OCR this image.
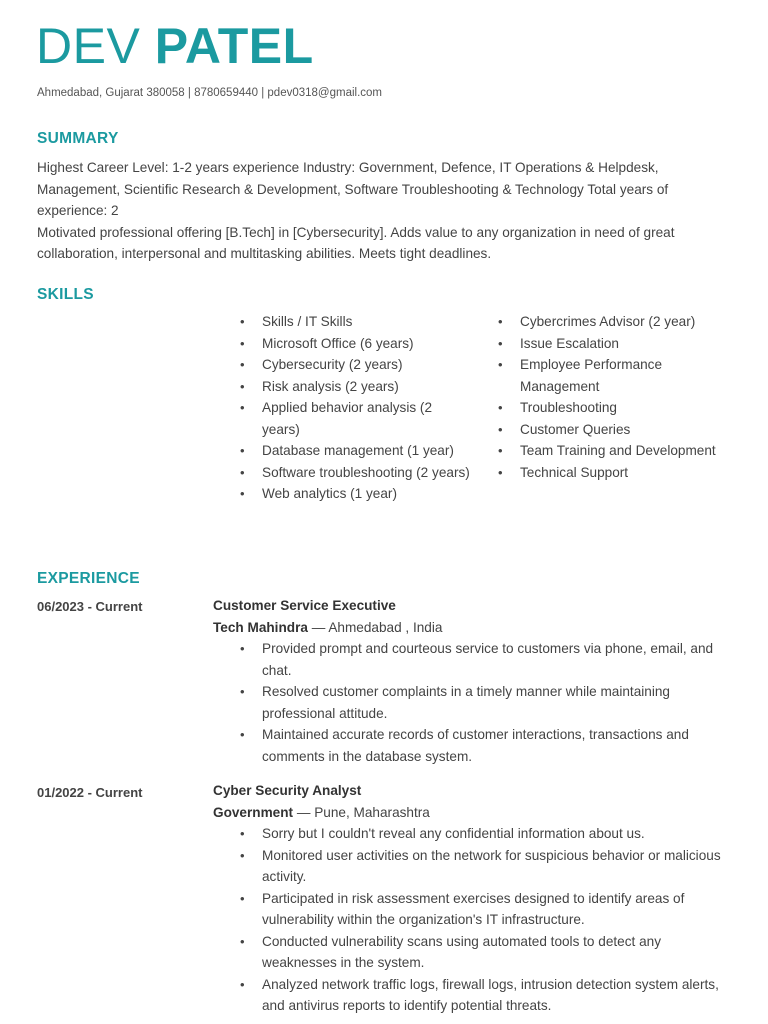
DEV PATEL
Ahmedabad, Gujarat 380058 | 8780659440 | pdev0318@gmail.com
SUMMARY

Highest Career Level: 1-2 years experience Industry: Government, Defence, IT Operations & Helpdesk, Management, Scientific Research & Development, Software Troubleshooting & Technology Total years of experience: 2

Motivated professional offering [B.Tech] in [Cybersecurity]. Adds value to any organization in need of great collaboration, interpersonal and multitasking abilities. Meets tight deadlines.

SKILLS
• Skills / IT Skills
• Microsoft Office (6 years)
• Cybersecurity (2 years)
• Risk analysis (2 years)
• Applied behavior analysis (2 years)
• Database management (1 year)
• Software troubleshooting (2 years)
• Web analytics (1 year)
• Cybercrimes Advisor (2 year)
• Issue Escalation
• Employee Performance Management
• Troubleshooting
• Customer Queries
• Team Training and Development
• Technical Support
EXPERIENCE
06/2023 - Current	Customer Service Executive
Tech Mahindra — Ahmedabad , India
• Provided prompt and courteous service to customers via phone, email, and chat.
• Resolved customer complaints in a timely manner while maintaining professional attitude.
• Maintained accurate records of customer interactions, transactions and comments in the database system.
01/2022 - Current	Cyber Security Analyst
Government — Pune, Maharashtra
• Sorry but I couldn't reveal any confidential information about us.
• Monitored user activities on the network for suspicious behavior or malicious activity.
• Participated in risk assessment exercises designed to identify areas of vulnerability within the organization's IT infrastructure.
• Conducted vulnerability scans using automated tools to detect any weaknesses in the system.
• Analyzed network traffic logs, firewall logs, intrusion detection system alerts, and antivirus reports to identify potential threats.
